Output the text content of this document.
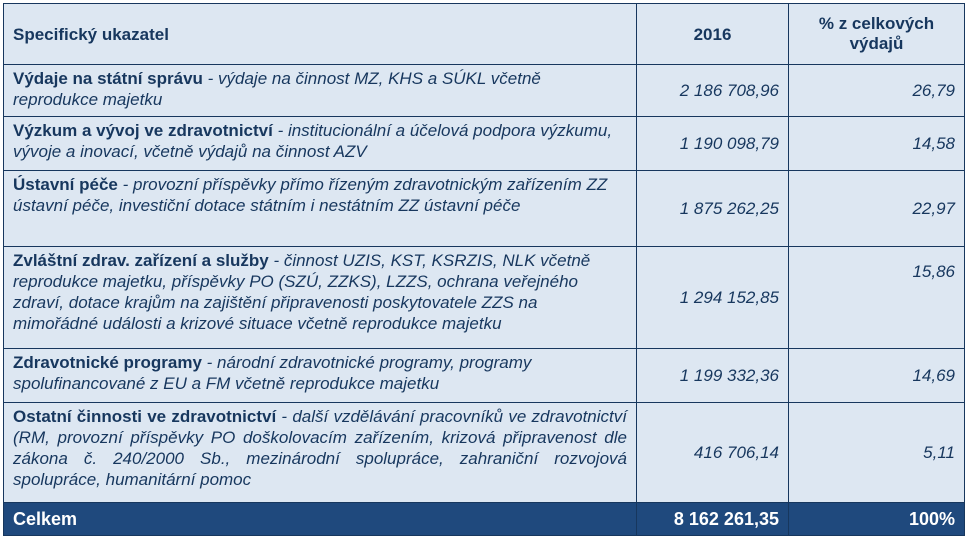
Specifický ukazatel	2016	% z celkových výdajů
Výdaje na státní správu - výdaje na činnost MZ, KHS a SÚKL včetně reprodukce majetku	2 186 708,96	26,79
Výzkum a vývoj ve zdravotnictví - institucionální a účelová podpora výzkumu, vývoje a inovací, včetně výdajů na činnost AZV	1 190 098,79	14,58
Ústavní péče - provozní příspěvky přímo řízeným zdravotnickým zařízením ZZ ústavní péče, investiční dotace státním i nestátním ZZ ústavní péče	1 875 262,25	22,97
Zvláštní zdrav. zařízení a služby - činnost UZIS, KST, KSRZIS, NLK včetně reprodukce majetku, příspěvky PO (SZÚ, ZZKS), LZZS, ochrana veřejného zdraví, dotace krajům na zajištění připravenosti poskytovatele ZZS na mimořádné události a krizové situace včetně reprodukce majetku	1 294 152,85	15,86
Zdravotnické programy - národní zdravotnické programy, programy spolufinancované z EU a FM včetně reprodukce majetku	1 199 332,36	14,69
Ostatní činnosti ve zdravotnictví - další vzdělávání pracovníků ve zdravotnictví (RM, provozní příspěvky PO doškolovacím zařízením, krizová připravenost dle zákona č. 240/2000 Sb., mezinárodní spolupráce, zahraniční rozvojová spolupráce, humanitární pomoc	416 706,14	5,11
Celkem	8 162 261,35	100%
